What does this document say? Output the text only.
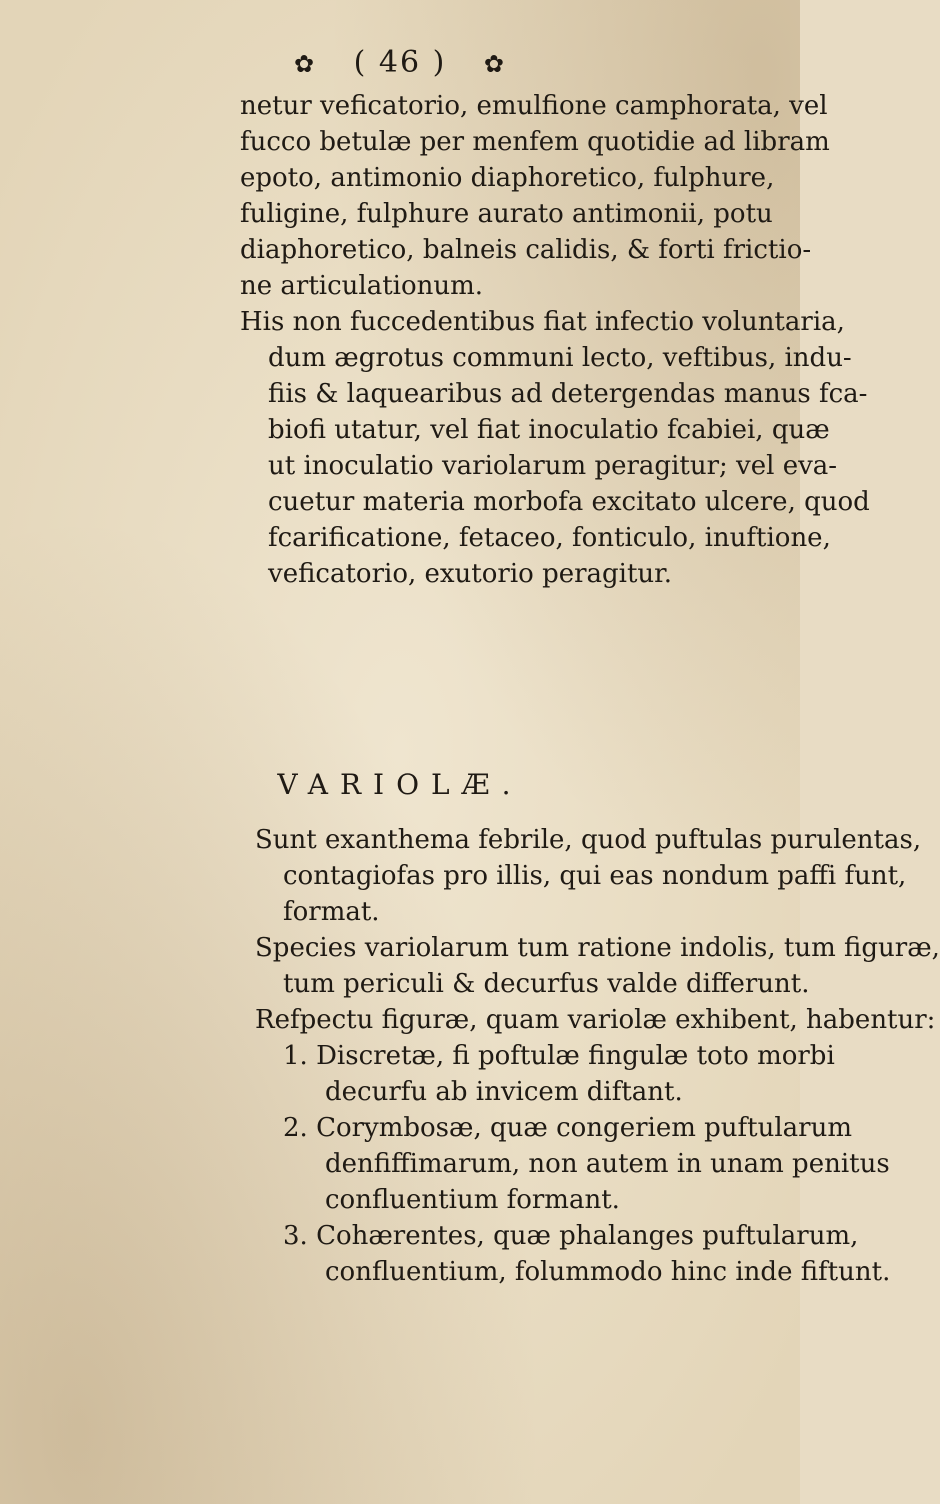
✿ ( 46 ) ✿
netur veficatorio, emulfione camphorata, vel
fucco betulæ per menfem quotidie ad libram
epoto, antimonio diaphoretico, fulphure,
fuligine, fulphure aurato antimonii, potu
diaphoretico, balneis calidis, & forti frictio-
ne articulationum.
His non fuccedentibus fiat infectio voluntaria,
dum ægrotus communi lecto, veftibus, indu-
fiis & laquearibus ad detergendas manus fca-
biofi utatur, vel fiat inoculatio fcabiei, quæ
ut inoculatio variolarum peragitur; vel eva-
cuetur materia morbofa excitato ulcere, quod
fcarificatione, fetaceo, fonticulo, inuftione,
veficatorio, exutorio peragitur.
VARIOLÆ.
Sunt exanthema febrile, quod puftulas purulentas,
contagiofas pro illis, qui eas nondum paffi funt,
format.
Species variolarum tum ratione indolis, tum figuræ,
tum periculi & decurfus valde differunt.
Refpectu figuræ, quam variolæ exhibent, habentur:
1. Discretæ, fi poftulæ fingulæ toto morbi
decurfu ab invicem diftant.
2. Corymbosæ, quæ congeriem puftularum
denfiffimarum, non autem in unam penitus
confluentium formant.
3. Cohærentes, quæ phalanges puftularum,
confluentium, folummodo hinc inde fiftunt.
